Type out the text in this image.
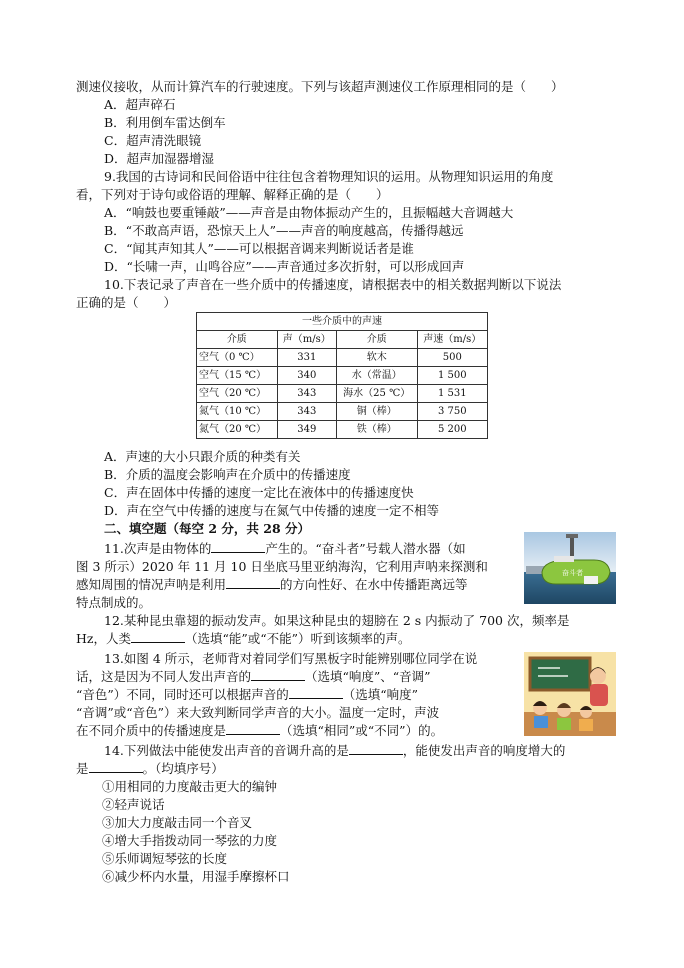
测速仪接收，从而计算汽车的行驶速度。下列与该超声测速仪工作原理相同的是（　　）
A．超声碎石
B．利用倒车雷达倒车
C．超声清洗眼镜
D．超声加湿器增湿
9.我国的古诗词和民间俗语中往往包含着物理知识的运用。从物理知识运用的角度
看，下列对于诗句或俗语的理解、解释正确的是（　　）
A．“响鼓也要重锤敲”——声音是由物体振动产生的，且振幅越大音调越大
B．“不敢高声语，恐惊天上人”——声音的响度越高，传播得越远
C．“闻其声知其人”——可以根据音调来判断说话者是谁
D．“长啸一声，山鸣谷应”——声音通过多次折射，可以形成回声
10.下表记录了声音在一些介质中的传播速度，请根据表中的相关数据判断以下说法
正确的是（　　）
一些介质中的声速			
介质	声（m/s）	介质	声速（m/s）
空气（0 ℃）	331	软木	500
空气（15 ℃）	340	水（常温）	1 500
空气（20 ℃）	343	海水（25 ℃）	1 531
氮气（10 ℃）	343	铜（棒）	3 750
氮气（20 ℃）	349	铁（棒）	5 200
A．声速的大小只跟介质的种类有关
B．介质的温度会影响声在介质中的传播速度
C．声在固体中传播的速度一定比在液体中的传播速度快
D．声在空气中传播的速度与在氮气中传播的速度一定不相等
二、填空题（每空 2 分，共 28 分）
11.次声是由物体的	产生的。“奋斗者”号载人潜水器（如
图 3 所示）2020 年 11 月 10 日坐底马里亚纳海沟，它利用声呐来探测和
感知周围的情况声呐是利用	的方向性好、在水中传播距离远等
特点制成的。
奋斗者
12.某种昆虫靠翅的振动发声。如果这种昆虫的翅膀在 2 s 内振动了 700 次，频率是
Hz，人类	（选填“能”或“不能”）听到该频率的声。
13.如图 4 所示，老师背对着同学们写黑板字时能辨别哪位同学在说
话，这是因为不同人发出声音的	（选填“响度”、“音调”
“音色”）不同，同时还可以根据声音的	（选填“响度”
“音调”或“音色”）来大致判断同学声音的大小。温度一定时，声波
在不同介质中的传播速度是	（选填“相同”或“不同”）的。
14.下列做法中能使发出声音的音调升高的是	，能使发出声音的响度增大的
是	。（均填序号）
①用相同的力度敲击更大的编钟
②轻声说话
③加大力度敲击同一个音叉
④增大手指拨动同一琴弦的力度
⑤乐师调短琴弦的长度
⑥减少杯内水量，用湿手摩擦杯口
